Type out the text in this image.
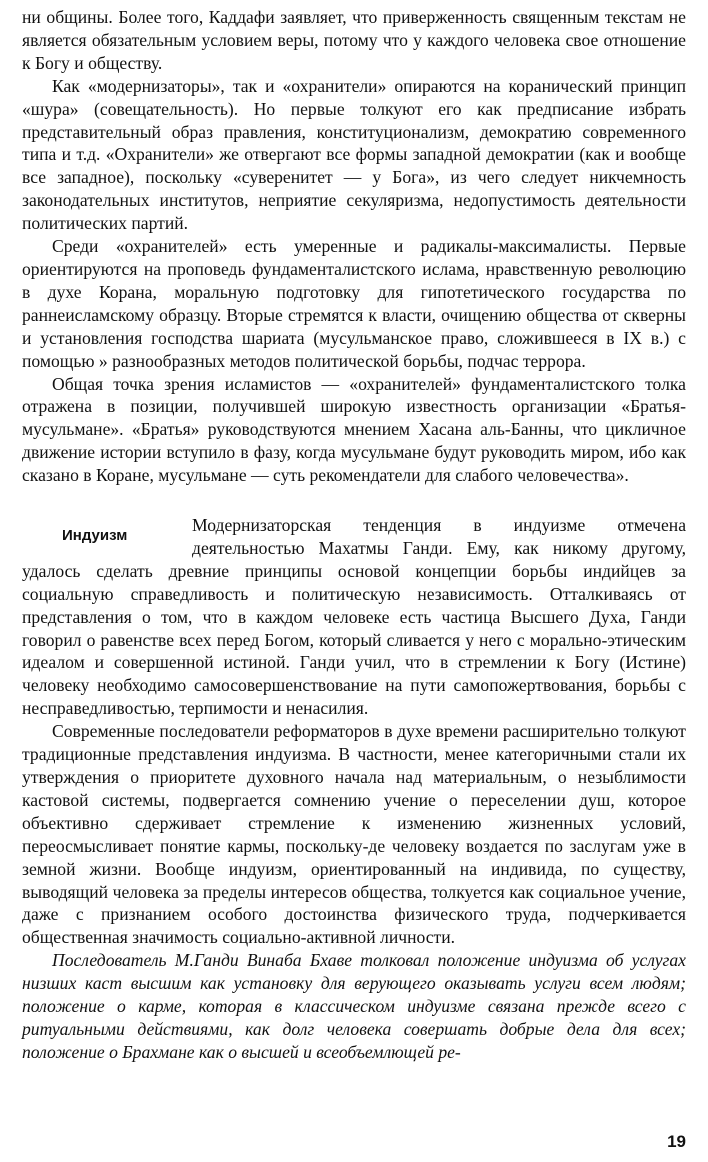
ни общины. Более того, Каддафи заявляет, что приверженность священным текстам не является обязательным условием веры, потому что у каждого человека свое отношение к Богу и обществу.

Как «модернизаторы», так и «охранители» опираются на коранический принцип «шура» (совещательность). Но первые толкуют его как предписание избрать представительный образ правления, конституционализм, демократию современного типа и т.д. «Охранители» же отвергают все формы западной демократии (как и вообще все западное), поскольку «суверенитет — у Бога», из чего следует никчемность законодательных институтов, неприятие секуляризма, недопустимость деятельности политических партий.

Среди «охранителей» есть умеренные и радикалы-максималисты. Первые ориентируются на проповедь фундаменталистского ислама, нравственную революцию в духе Корана, моральную подготовку для гипотетического государства по раннеисламскому образцу. Вторые стремятся к власти, очищению общества от скверны и установления господства шариата (мусульманское право, сложившееся в IX в.) с помощью » разнообразных методов политической борьбы, подчас террора.

Общая точка зрения исламистов — «охранителей» фундаменталистского толка отражена в позиции, получившей широкую известность организации «Братья-мусульмане». «Братья» руководствуются мнением Хасана аль-Банны, что цикличное движение истории вступило в фазу, когда мусульмане будут руководить миром, ибо как сказано в Коране, мусульмане — суть рекомендатели для слабого человечества».

Индуизм

Модернизаторская тенденция в индуизме отмечена деятельностью Махатмы Ганди. Ему, как никому другому, удалось сделать древние принципы основой концепции борьбы индийцев за социальную справедливость и политическую независимость. Отталкиваясь от представления о том, что в каждом человеке есть частица Высшего Духа, Ганди говорил о равенстве всех перед Богом, который сливается у него с морально-этическим идеалом и совершенной истиной. Ганди учил, что в стремлении к Богу (Истине) человеку необходимо самосовершенствование на пути самопожертвования, борьбы с несправедливостью, терпимости и ненасилия.

Современные последователи реформаторов в духе времени расширительно толкуют традиционные представления индуизма. В частности, менее категоричными стали их утверждения о приоритете духовного начала над материальным, о незыблимости кастовой системы, подвергается сомнению учение о переселении душ, которое объективно сдерживает стремление к изменению жизненных условий, переосмысливает понятие кармы, поскольку-де человеку воздается по заслугам уже в земной жизни. Вообще индуизм, ориентированный на индивида, по существу, выводящий человека за пределы интересов общества, толкуется как социальное учение, даже с признанием особого достоинства физического труда, подчеркивается общественная значимость социально-активной личности.

Последователь М.Ганди Винаба Бхаве толковал положение индуизма об услугах низших каст высшим как установку для верующего оказывать услуги всем людям; положение о карме, которая в классическом индуизме связана прежде всего с ритуальными действиями, как долг человека совершать добрые дела для всех; положение о Брахмане как о высшей и всеобъемлющей ре-

19
